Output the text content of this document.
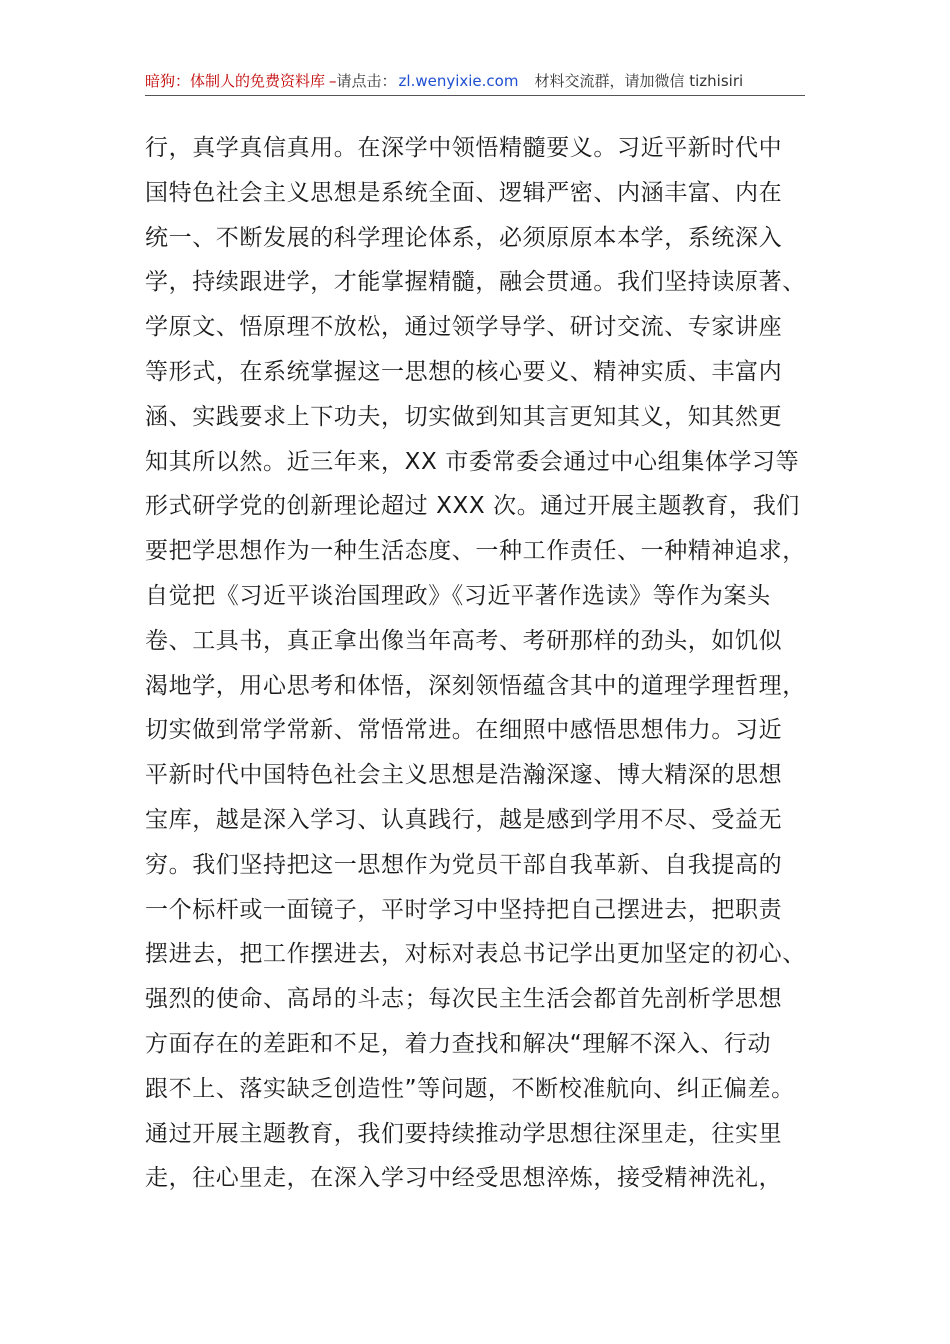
暗狗：体制人的免费资料库 –请点击： zl.wenyixie.com 材料交流群，请加微信 tizhisiri
行，真学真信真用。在深学中领悟精髓要义。习近平新时代中
国特色社会主义思想是系统全面、逻辑严密、内涵丰富、内在
统一、不断发展的科学理论体系，必须原原本本学，系统深入
学，持续跟进学，才能掌握精髓，融会贯通。我们坚持读原著、
学原文、悟原理不放松，通过领学导学、研讨交流、专家讲座
等形式，在系统掌握这一思想的核心要义、精神实质、丰富内
涵、实践要求上下功夫，切实做到知其言更知其义，知其然更
知其所以然。近三年来，XX 市委常委会通过中心组集体学习等
形式研学党的创新理论超过 XXX 次。通过开展主题教育，我们
要把学思想作为一种生活态度、一种工作责任、一种精神追求，
自觉把《习近平谈治国理政》《习近平著作选读》等作为案头
卷、工具书，真正拿出像当年高考、考研那样的劲头，如饥似
渴地学，用心思考和体悟，深刻领悟蕴含其中的道理学理哲理，
切实做到常学常新、常悟常进。在细照中感悟思想伟力。习近
平新时代中国特色社会主义思想是浩瀚深邃、博大精深的思想
宝库，越是深入学习、认真践行，越是感到学用不尽、受益无
穷。我们坚持把这一思想作为党员干部自我革新、自我提高的
一个标杆或一面镜子，平时学习中坚持把自己摆进去，把职责
摆进去，把工作摆进去，对标对表总书记学出更加坚定的初心、
强烈的使命、高昂的斗志；每次民主生活会都首先剖析学思想
方面存在的差距和不足，着力查找和解决“理解不深入、行动
跟不上、落实缺乏创造性”等问题，不断校准航向、纠正偏差。
通过开展主题教育，我们要持续推动学思想往深里走，往实里
走，往心里走，在深入学习中经受思想淬炼，接受精神洗礼，
